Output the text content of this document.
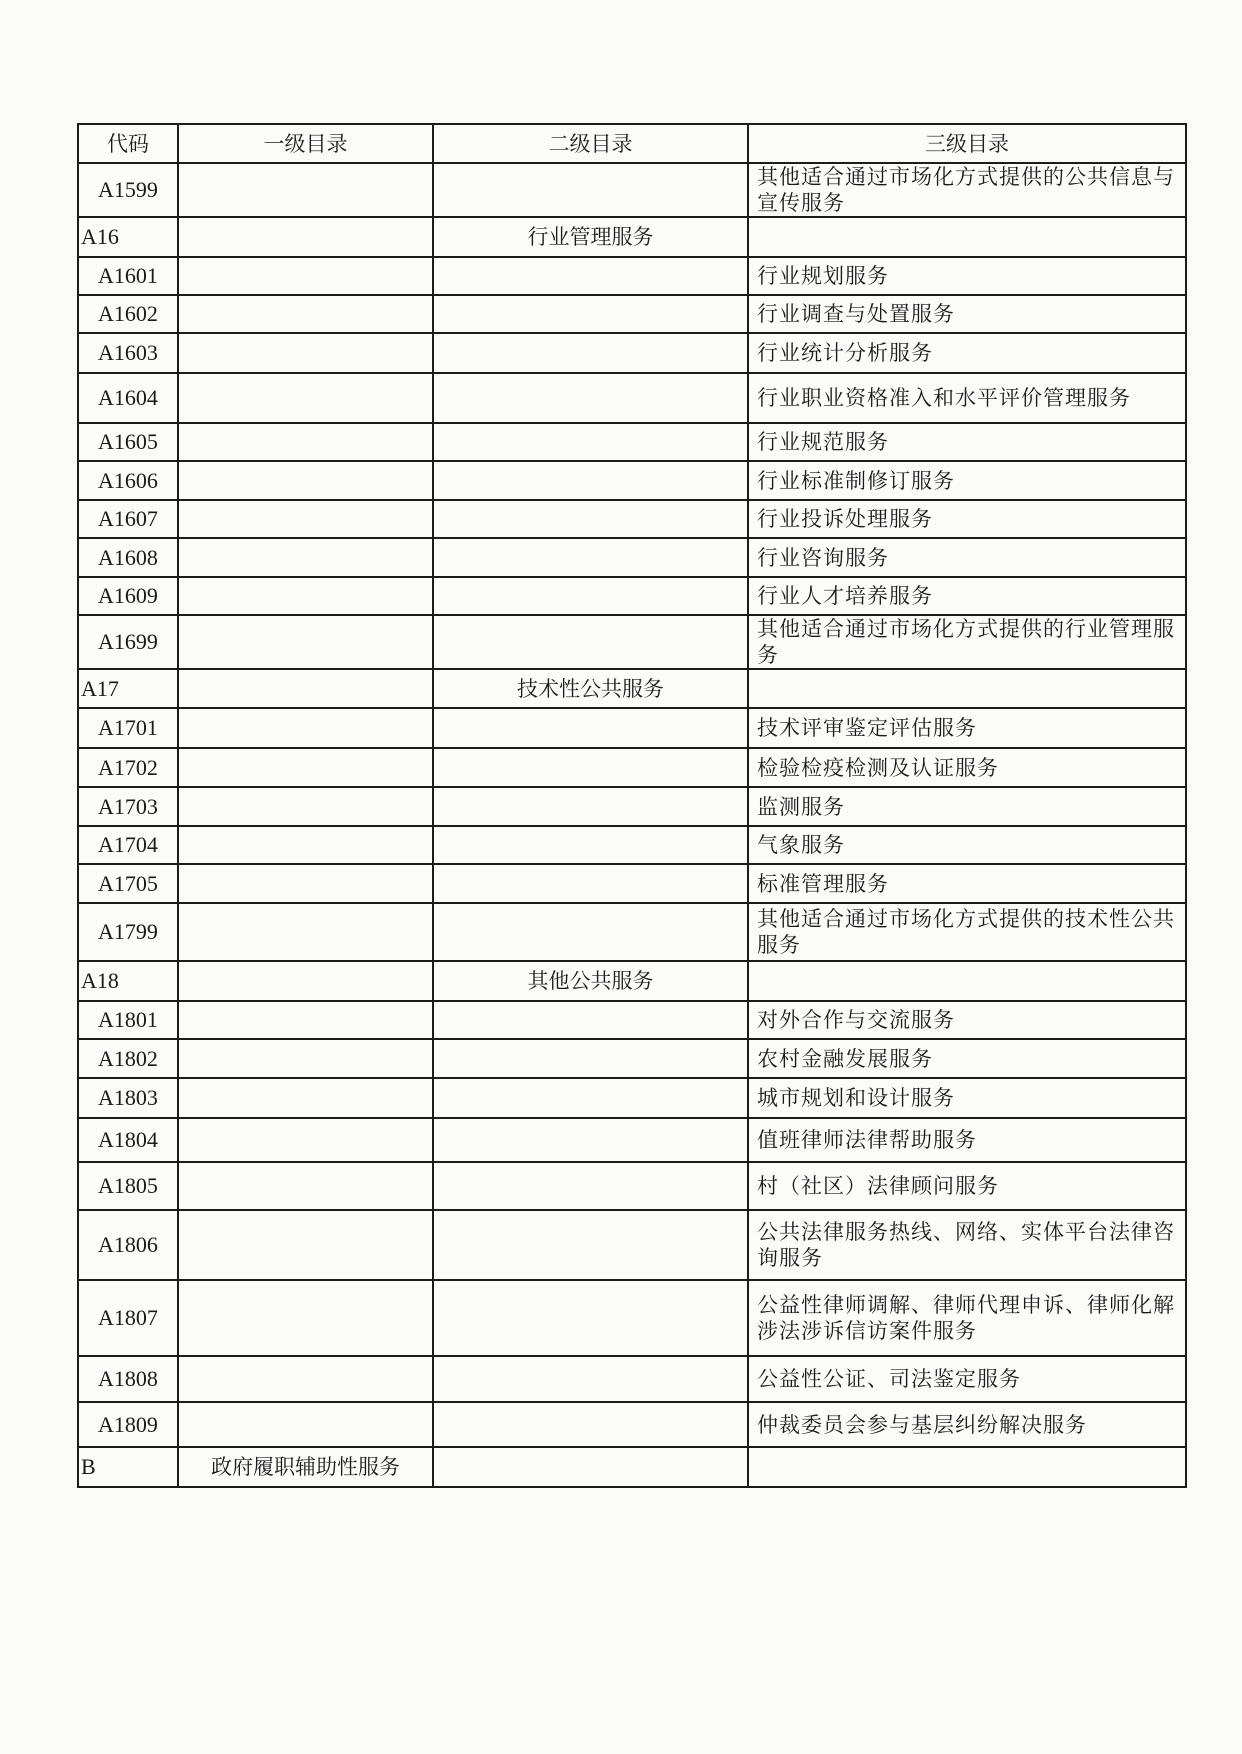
代码	一级目录	二级目录	三级目录
A1599			其他适合通过市场化方式提供的公共信息与宣传服务
A16		行业管理服务	
A1601			行业规划服务
A1602			行业调查与处置服务
A1603			行业统计分析服务
A1604			行业职业资格准入和水平评价管理服务
A1605			行业规范服务
A1606			行业标准制修订服务
A1607			行业投诉处理服务
A1608			行业咨询服务
A1609			行业人才培养服务
A1699			其他适合通过市场化方式提供的行业管理服务
A17		技术性公共服务	
A1701			技术评审鉴定评估服务
A1702			检验检疫检测及认证服务
A1703			监测服务
A1704			气象服务
A1705			标准管理服务
A1799			其他适合通过市场化方式提供的技术性公共服务
A18		其他公共服务	
A1801			对外合作与交流服务
A1802			农村金融发展服务
A1803			城市规划和设计服务
A1804			值班律师法律帮助服务
A1805			村（社区）法律顾问服务
A1806			公共法律服务热线、网络、实体平台法律咨询服务
A1807			公益性律师调解、律师代理申诉、律师化解涉法涉诉信访案件服务
A1808			公益性公证、司法鉴定服务
A1809			仲裁委员会参与基层纠纷解决服务
B	政府履职辅助性服务		
